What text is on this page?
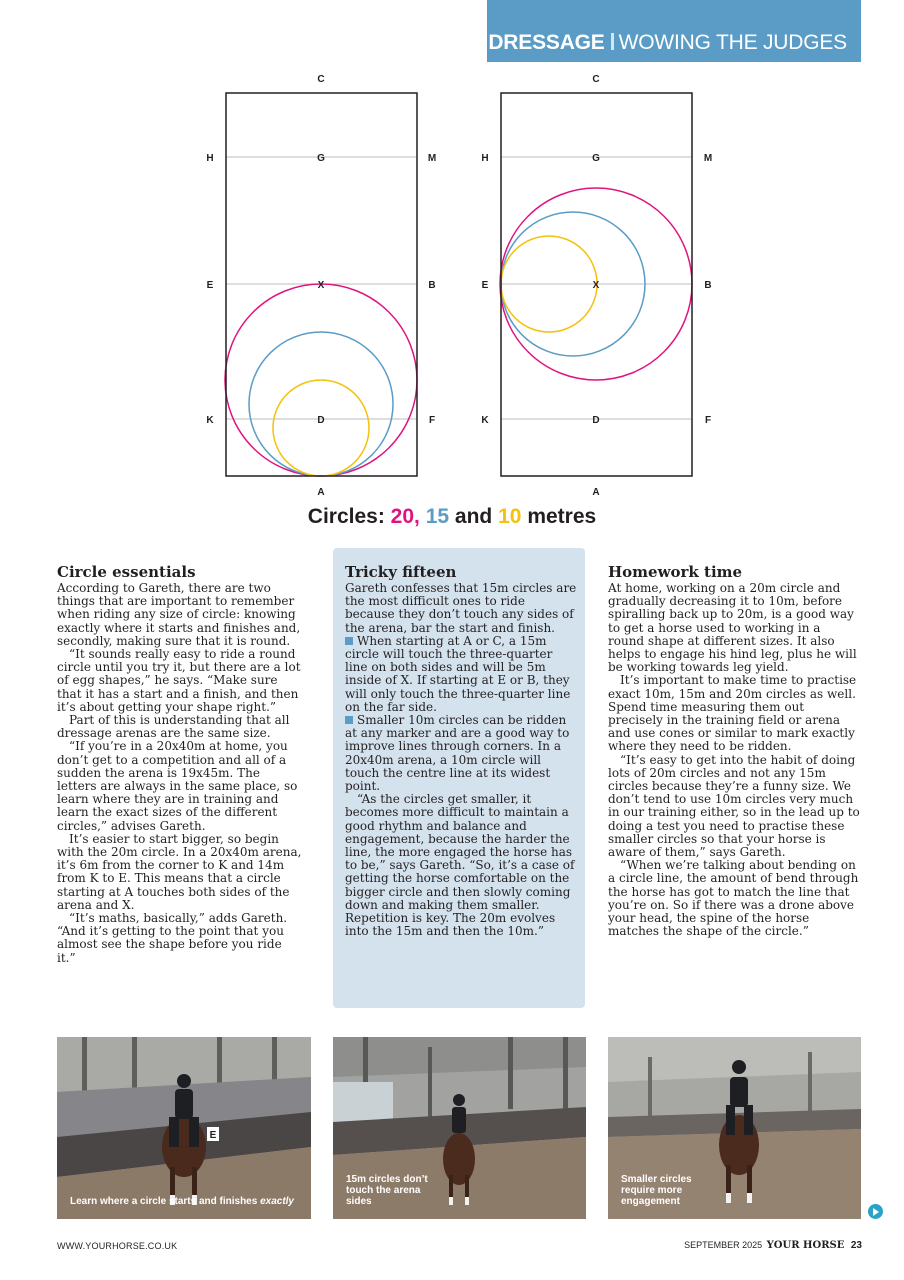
DRESSAGE WOWING THE JUDGES
C
H	G	M
E	X	B
K	D	F
A
C
H	G	M
E	X	B
K	D	F
A
Circles: 20, 15 and 10 metres
Circle essentials

According to Gareth, there are two things that are important to remember when riding any size of circle: knowing exactly where it starts and finishes and, secondly, making sure that it is round.

“It sounds really easy to ride a round circle until you try it, but there are a lot of egg shapes,” he says. “Make sure that it has a start and a finish, and then it’s about getting your shape right.”

Part of this is understanding that all dressage arenas are the same size.

“If you’re in a 20x40m at home, you don’t get to a competition and all of a sudden the arena is 19x45m. The letters are always in the same place, so learn where they are in training and learn the exact sizes of the different circles,” advises Gareth.

It’s easier to start bigger, so begin with the 20m circle. In a 20x40m arena, it’s 6m from the corner to K and 14m from K to E. This means that a circle starting at A touches both sides of the arena and X.

“It’s maths, basically,” adds Gareth. “And it’s getting to the point that you almost see the shape before you ride it.”

Tricky fifteen

Gareth confesses that 15m circles are the most difficult ones to ride because they don’t touch any sides of the arena, bar the start and finish.

When starting at A or C, a 15m circle will touch the three-quarter line on both sides and will be 5m inside of X. If starting at E or B, they will only touch the three-quarter line on the far side.

Smaller 10m circles can be ridden at any marker and are a good way to improve lines through corners. In a 20x40m arena, a 10m circle will touch the centre line at its widest point.

“As the circles get smaller, it becomes more difficult to maintain a good rhythm and balance and engagement, because the harder the line, the more engaged the horse has to be,” says Gareth. “So, it’s a case of getting the horse comfortable on the bigger circle and then slowly coming down and making them smaller. Repetition is key. The 20m evolves into the 15m and then the 10m.”

Homework time

At home, working on a 20m circle and gradually decreasing it to 10m, before spiralling back up to 20m, is a good way to get a horse used to working in a round shape at different sizes. It also helps to engage his hind leg, plus he will be working towards leg yield.

It’s important to make time to practise exact 10m, 15m and 20m circles as well. Spend time measuring them out precisely in the training field or arena and use cones or similar to mark exactly where they need to be ridden.

“It’s easy to get into the habit of doing lots of 20m circles and not any 15m circles because they’re a funny size. We don’t tend to use 10m circles very much in our training either, so in the lead up to doing a test you need to practise these smaller circles so that your horse is aware of them,” says Gareth.

“When we’re talking about bending on a circle line, the amount of bend through the horse has got to match the line that you’re on. So if there was a drone above your head, the spine of the horse matches the shape of the circle.”

E
Learn where a circle starts and finishes exactly
15m circles don’t touch the arena sides
Smaller circles require more engagement
WWW.YOURHORSE.CO.UK	SEPTEMBER 2025 YOUR HORSE 23
